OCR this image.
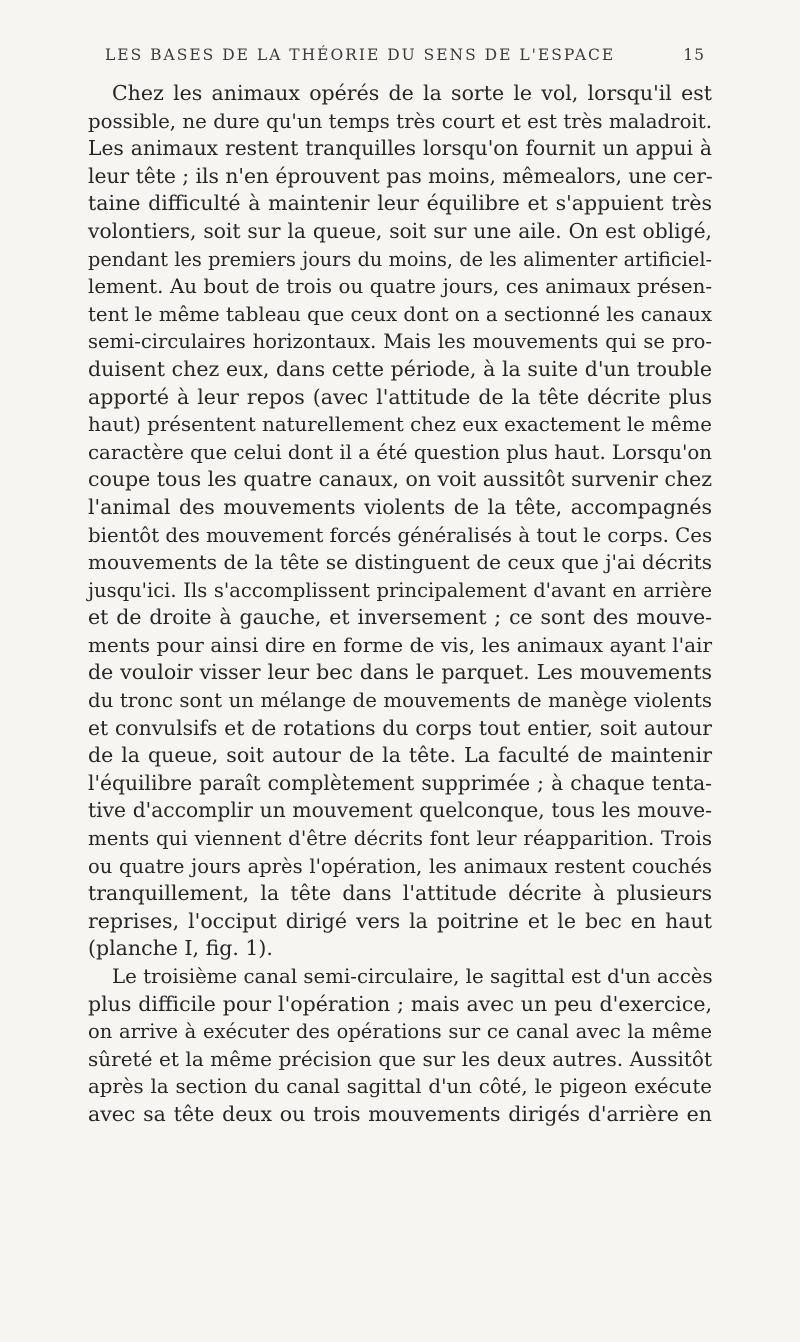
LES BASES DE LA THÉORIE DU SENS DE L'ESPACE	15
Chez les animaux opérés de la sorte le vol, lorsqu'il est
possible, ne dure qu'un temps très court et est très maladroit.
Les animaux restent tranquilles lorsqu'on fournit un appui à
leur tête ; ils n'en éprouvent pas moins, mêmealors, une cer-
taine difficulté à maintenir leur équilibre et s'appuient très
volontiers, soit sur la queue, soit sur une aile. On est obligé,
pendant les premiers jours du moins, de les alimenter artificiel-
lement. Au bout de trois ou quatre jours, ces animaux présen-
tent le même tableau que ceux dont on a sectionné les canaux
semi-circulaires horizontaux. Mais les mouvements qui se pro-
duisent chez eux, dans cette période, à la suite d'un trouble
apporté à leur repos (avec l'attitude de la tête décrite plus
haut) présentent naturellement chez eux exactement le même
caractère que celui dont il a été question plus haut. Lorsqu'on
coupe tous les quatre canaux, on voit aussitôt survenir chez
l'animal des mouvements violents de la tête, accompagnés
bientôt des mouvement forcés généralisés à tout le corps. Ces
mouvements de la tête se distinguent de ceux que j'ai décrits
jusqu'ici. Ils s'accomplissent principalement d'avant en arrière
et de droite à gauche, et inversement ; ce sont des mouve-
ments pour ainsi dire en forme de vis, les animaux ayant l'air
de vouloir visser leur bec dans le parquet. Les mouvements
du tronc sont un mélange de mouvements de manège violents
et convulsifs et de rotations du corps tout entier, soit autour
de la queue, soit autour de la tête. La faculté de maintenir
l'équilibre paraît complètement supprimée ; à chaque tenta-
tive d'accomplir un mouvement quelconque, tous les mouve-
ments qui viennent d'être décrits font leur réapparition. Trois
ou quatre jours après l'opération, les animaux restent couchés
tranquillement, la tête dans l'attitude décrite à plusieurs
reprises, l'occiput dirigé vers la poitrine et le bec en haut
(planche I, fig. 1).
Le troisième canal semi-circulaire, le sagittal est d'un accès
plus difficile pour l'opération ; mais avec un peu d'exercice,
on arrive à exécuter des opérations sur ce canal avec la même
sûreté et la même précision que sur les deux autres. Aussitôt
après la section du canal sagittal d'un côté, le pigeon exécute
avec sa tête deux ou trois mouvements dirigés d'arrière en
